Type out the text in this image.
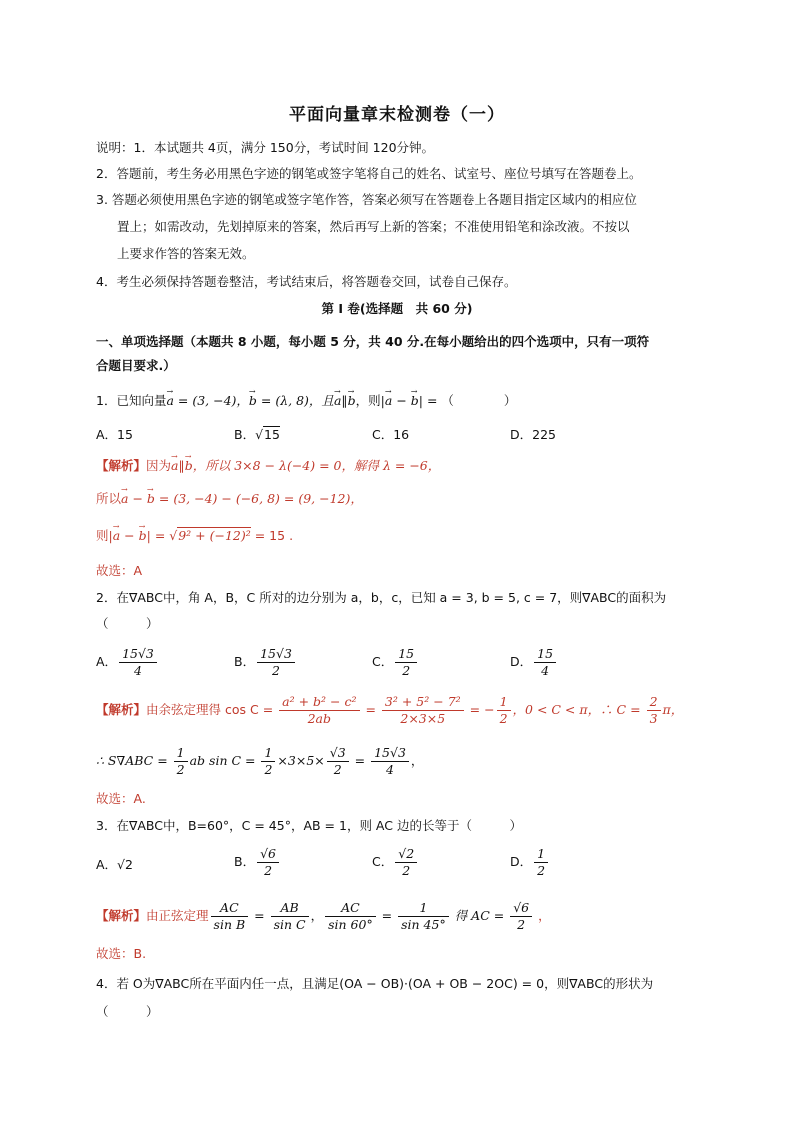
平面向量章末检测卷（一）
说明：1．本试题共 4页，满分 150分，考试时间 120分钟。
2．答题前，考生务必用黑色字迹的钢笔或签字笔将自己的姓名、试室号、座位号填写在答题卷上。
3. 答题必须使用黑色字迹的钢笔或签字笔作答，答案必须写在答题卷上各题目指定区域内的相应位
置上；如需改动，先划掉原来的答案，然后再写上新的答案；不准使用铅笔和涂改液。不按以
上要求作答的答案无效。
4．考生必须保持答题卷整洁，考试结束后，将答题卷交回，试卷自己保存。
第 I 卷(选择题　共 60 分)
一、单项选择题（本题共 8 小题，每小题 5 分，共 40 分.在每小题给出的四个选项中，只有一项符
合题目要求.）
1．已知向量→ a = (3, −4)，→ b = (λ, 8)，且→ a∥→ b，则|→ a − → b| = （　　　　）
A．15	B．√15	C．16	D．225
【解析】因为→ a∥→ b，所以 3×8 − λ(−4) = 0，解得 λ = −6，
所以→ a − → b = (3, −4) − (−6, 8) = (9, −12)，
则|→ a − → b| = √9² + (−12)² = 15 .
故选：A
2．在∇ABC中，角 A，B，C 所对的边分别为 a，b，c，已知 a = 3, b = 5, c = 7，则∇ABC的面积为
（　　　）
A． $\frac{15√3}{4}$	B． $\frac{15√3}{2}$	C． $\frac{15}{2}$	D． $\frac{15}{4}$
【解析】由余弦定理得 $\cos C = \frac{\text{a² + b² − c²}}{2ab} = \frac{\text{3² + 5² − 7²}}{2\times 3\times 5}$ = − $\frac{1}{2}$ ，0 < C < π，∴ $C = \frac{2}{3}$ π，
∴ $S\nabla ABC = \frac{1}{2}$ ab $\sin C = \frac{1}{2} \times 3\times 5\times \frac{√3}{2} = \frac{15√3}{4}$ ，
故选：A.
3．在∇ABC中，B=60°，C = 45°，AB = 1，则 AC 边的长等于（　　　）
A．√2	B． $\frac{√6}{2}$	C． $\frac{√2}{2}$	D． $\frac{1}{2}$
【解析】由正弦定理 $\frac{AC}{\text{sin B}} = \frac{AB}{\text{sin C}}$ ， $\frac{AC}{\sin 60^\circ} = \frac{1}{\sin 45^\circ}$ 得 AC = $\frac{√6}{2}$ ，
故选：B.
4．若 O为∇ABC所在平面内任一点，且满足(OA − OB)·(OA + OB − 2OC) = 0，则∇ABC的形状为
（　　　）
